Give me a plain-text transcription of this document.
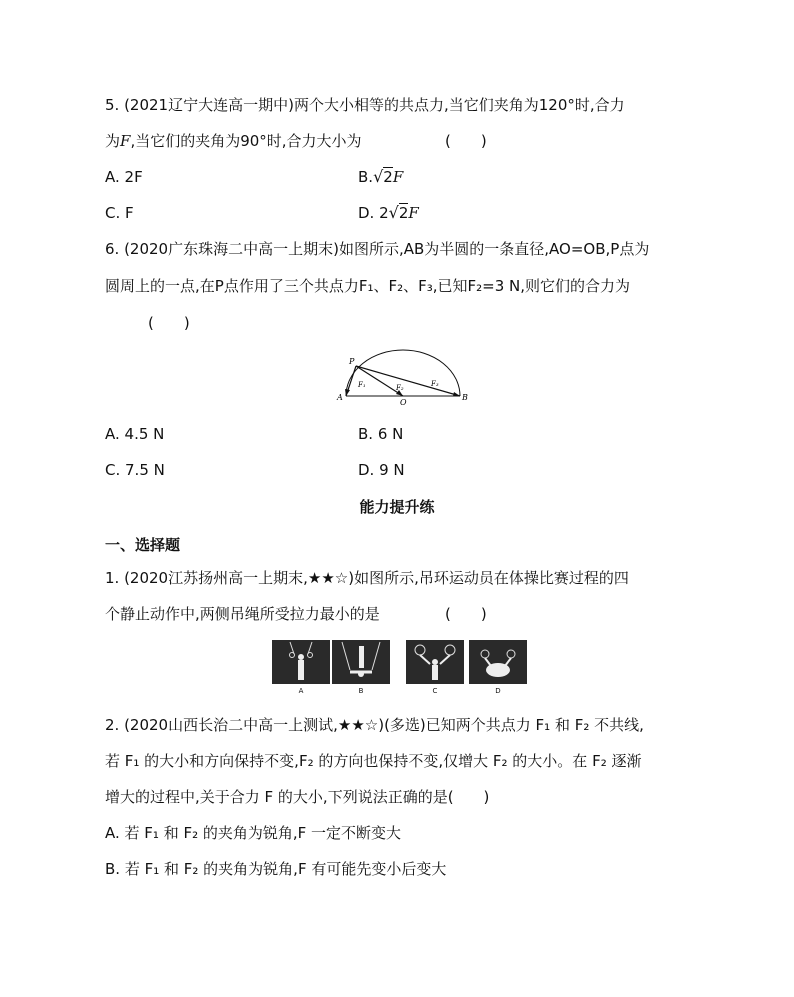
5. (2021辽宁大连高一期中)两个大小相等的共点力,当它们夹角为120°时,合力
为F,当它们的夹角为90°时,合力大小为	(　　)
A. 2F	B.√2F
C. F	D. 2√2F
6. (2020广东珠海二中高一上期末)如图所示,AB为半圆的一条直径,AO=OB,P点为
圆周上的一点,在P点作用了三个共点力F₁、F₂、F₃,已知F₂=3 N,则它们的合力为
(　　)
P
A
O
B
F₁	F₂	F₃
A. 4.5 N	B. 6 N
C. 7.5 N	D. 9 N
能力提升练
一、选择题
1. (2020江苏扬州高一上期末,★★☆)如图所示,吊环运动员在体操比赛过程的四
个静止动作中,两侧吊绳所受拉力最小的是	(　　)
A	B	C	D
2. (2020山西长治二中高一上测试,★★☆)(多选)已知两个共点力 F₁ 和 F₂ 不共线,
若 F₁ 的大小和方向保持不变,F₂ 的方向也保持不变,仅增大 F₂ 的大小。在 F₂ 逐渐
增大的过程中,关于合力 F 的大小,下列说法正确的是(　　)
A. 若 F₁ 和 F₂ 的夹角为锐角,F 一定不断变大
B. 若 F₁ 和 F₂ 的夹角为锐角,F 有可能先变小后变大
